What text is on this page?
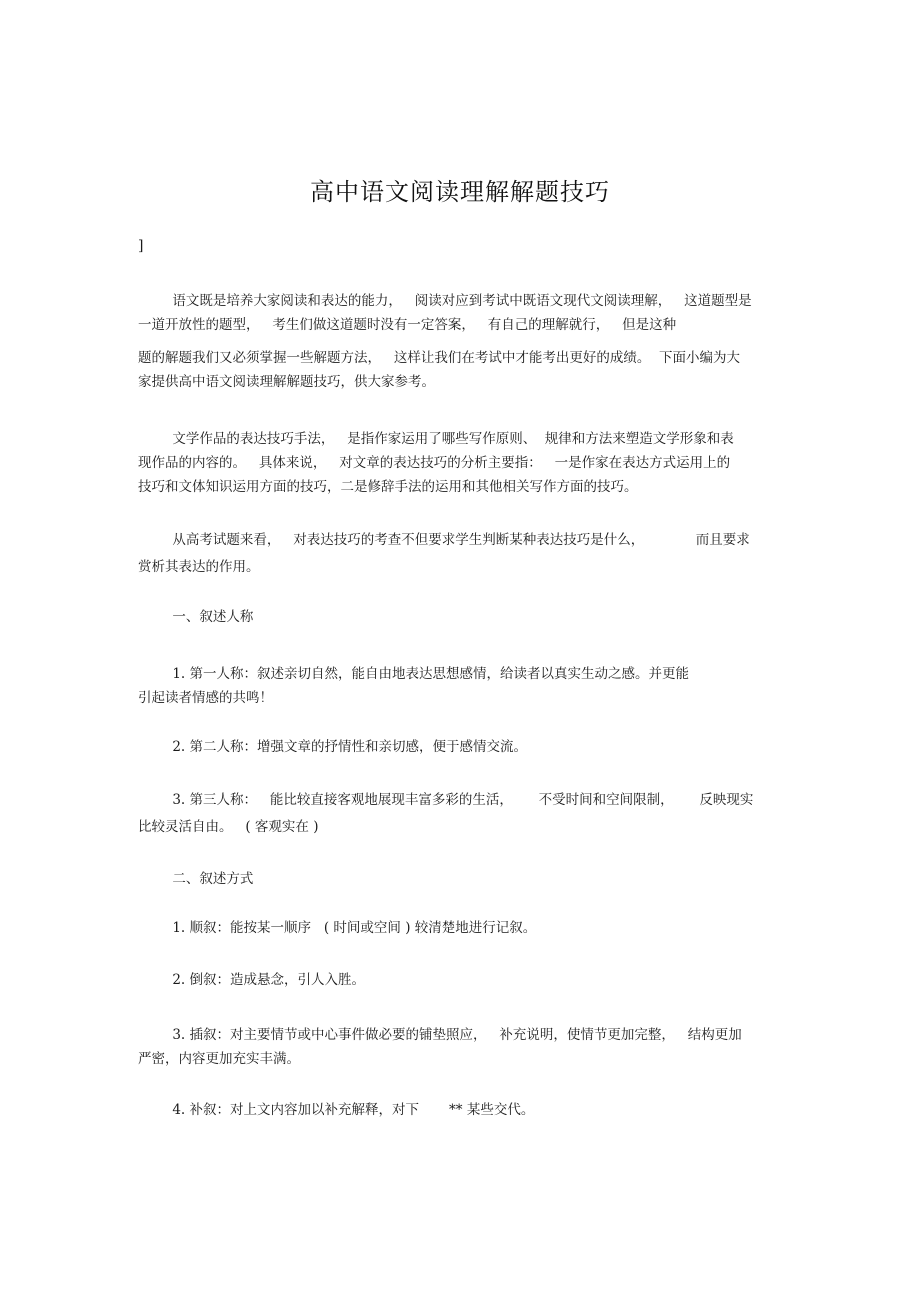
高中语文阅读理解解题技巧
]
语文既是培养大家阅读和表达的能力，   阅读对应到考试中既语文现代文阅读理解，   这道题型是
一道开放性的题型，   考生们做这道题时没有一定答案，   有自己的理解就行，   但是这种
题的解题我们又必须掌握一些解题方法，   这样让我们在考试中才能考出更好的成绩。  下面小编为大
家提供高中语文阅读理解解题技巧，供大家参考。
文学作品的表达技巧手法，   是指作家运用了哪些写作原则、  规律和方法来塑造文学形象和表
现作品的内容的。   具体来说，   对文章的表达技巧的分析主要指：   一是作家在表达方式运用上的
技巧和文体知识运用方面的技巧，二是修辞手法的运用和其他相关写作方面的技巧。
从高考试题来看，   对表达技巧的考查不但要求学生判断某种表达技巧是什么，            而且要求
赏析其表达的作用。
一、叙述人称
1. 第一人称：叙述亲切自然，能自由地表达思想感情，给读者以真实生动之感。并更能
引起读者情感的共鸣！
2. 第二人称：增强文章的抒情性和亲切感，便于感情交流。
3. 第三人称：   能比较直接客观地展现丰富多彩的生活，      不受时间和空间限制，      反映现实
比较灵活自由。   ( 客观实在 )
二、叙述方式
1. 顺叙：能按某一顺序   ( 时间或空间 ) 较清楚地进行记叙。
2. 倒叙：造成悬念，引人入胜。
3. 插叙：对主要情节或中心事件做必要的铺垫照应，   补充说明，使情节更加完整，   结构更加
严密，内容更加充实丰满。
4. 补叙：对上文内容加以补充解释，对下       ** 某些交代。
